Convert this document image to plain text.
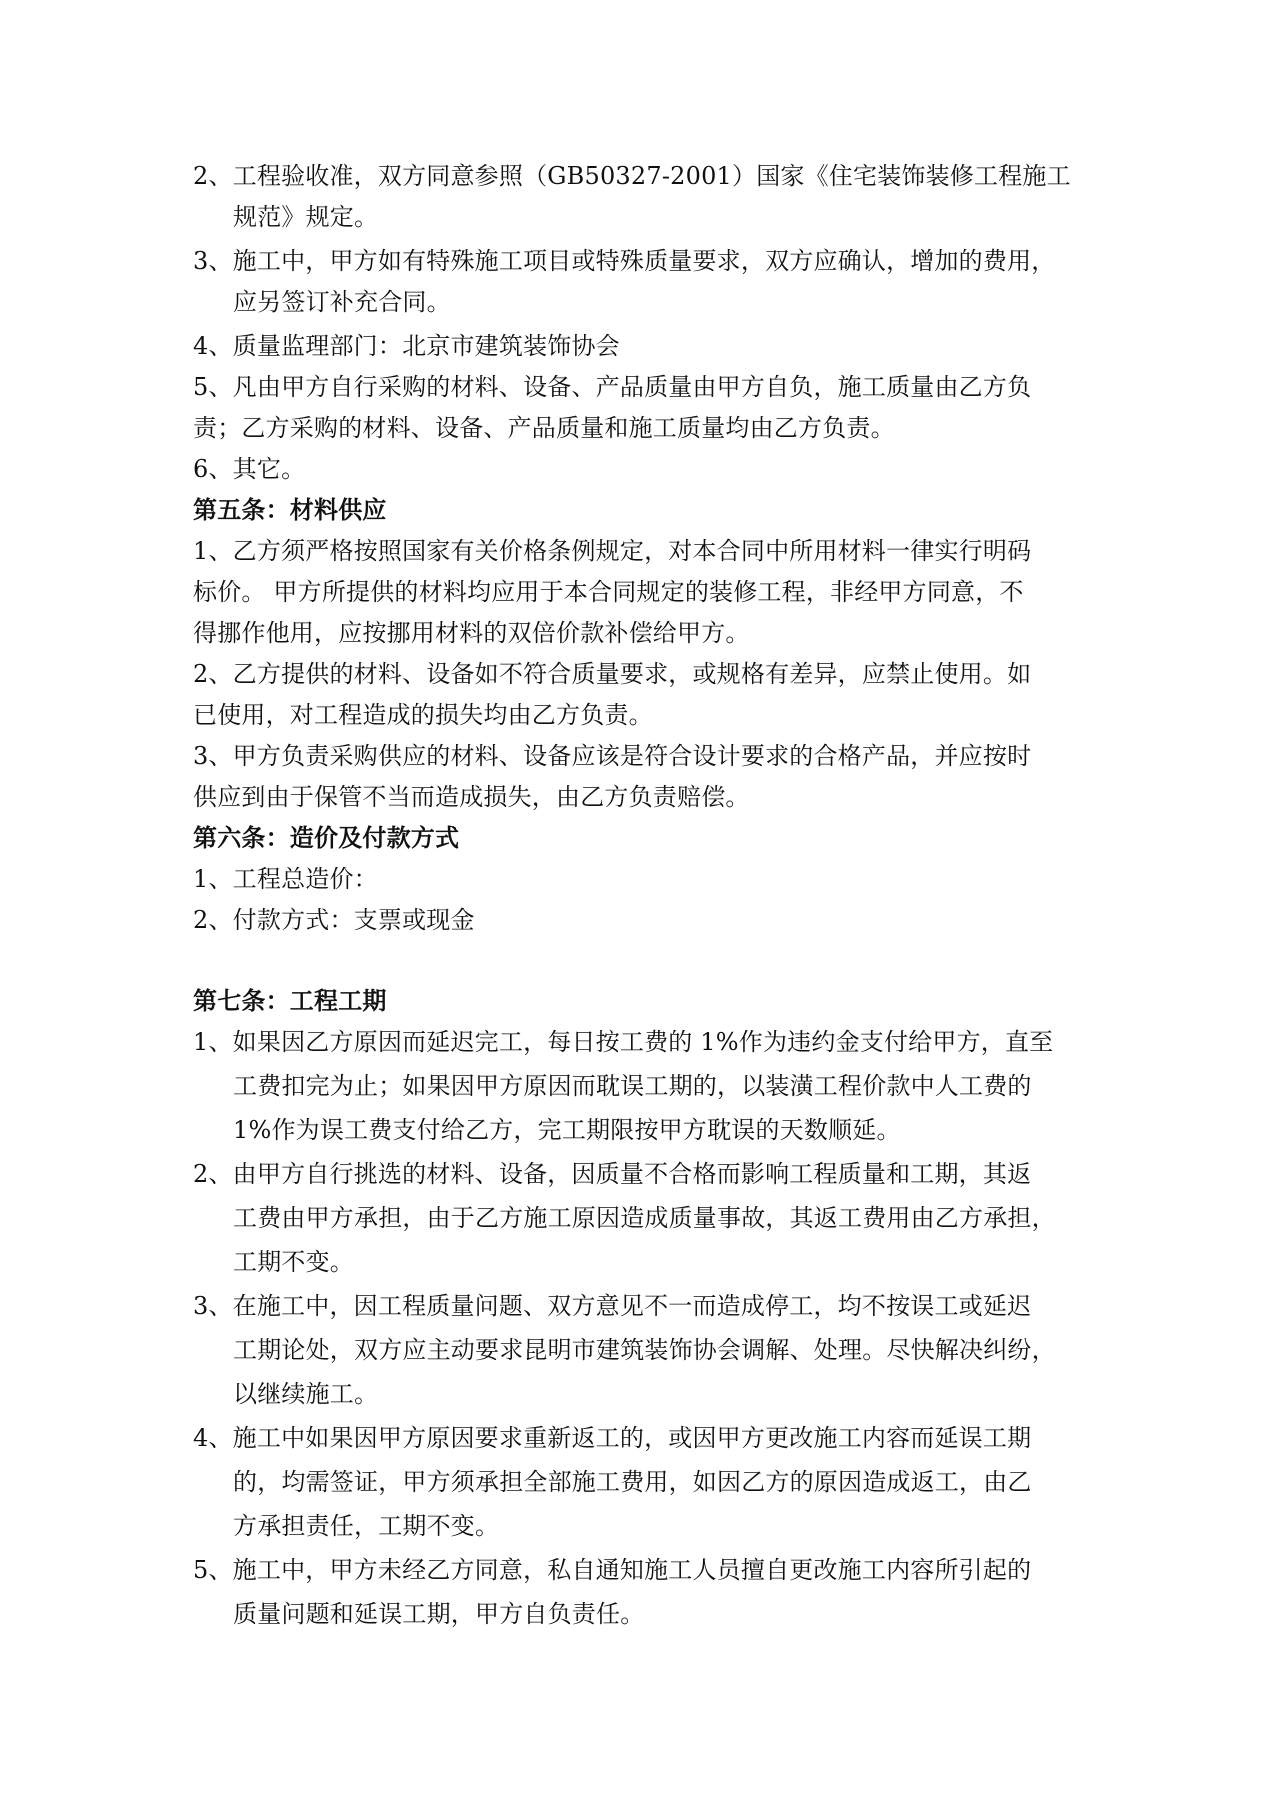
2、工程验收准，双方同意参照（GB50327-2001）国家《住宅装饰装修工程施工
规范》规定。
3、施工中，甲方如有特殊施工项目或特殊质量要求，双方应确认，增加的费用，
应另签订补充合同。
4、质量监理部门：北京市建筑装饰协会
5、凡由甲方自行采购的材料、设备、产品质量由甲方自负，施工质量由乙方负
责；乙方采购的材料、设备、产品质量和施工质量均由乙方负责。
6、其它。
第五条：材料供应
1、乙方须严格按照国家有关价格条例规定，对本合同中所用材料一律实行明码
标价。 甲方所提供的材料均应用于本合同规定的装修工程，非经甲方同意，不
得挪作他用，应按挪用材料的双倍价款补偿给甲方。
2、乙方提供的材料、设备如不符合质量要求，或规格有差异，应禁止使用。如
已使用，对工程造成的损失均由乙方负责。
3、甲方负责采购供应的材料、设备应该是符合设计要求的合格产品，并应按时
供应到由于保管不当而造成损失，由乙方负责赔偿。
第六条：造价及付款方式
1、工程总造价：
2、付款方式：支票或现金
第七条：工程工期
1、如果因乙方原因而延迟完工，每日按工费的 1%作为违约金支付给甲方，直至
工费扣完为止；如果因甲方原因而耽误工期的，以装潢工程价款中人工费的
1%作为误工费支付给乙方，完工期限按甲方耽误的天数顺延。
2、由甲方自行挑选的材料、设备，因质量不合格而影响工程质量和工期，其返
工费由甲方承担，由于乙方施工原因造成质量事故，其返工费用由乙方承担，
工期不变。
3、在施工中，因工程质量问题、双方意见不一而造成停工，均不按误工或延迟
工期论处，双方应主动要求昆明市建筑装饰协会调解、处理。尽快解决纠纷，
以继续施工。
4、施工中如果因甲方原因要求重新返工的，或因甲方更改施工内容而延误工期
的，均需签证，甲方须承担全部施工费用，如因乙方的原因造成返工，由乙
方承担责任，工期不变。
5、施工中，甲方未经乙方同意，私自通知施工人员擅自更改施工内容所引起的
质量问题和延误工期，甲方自负责任。
